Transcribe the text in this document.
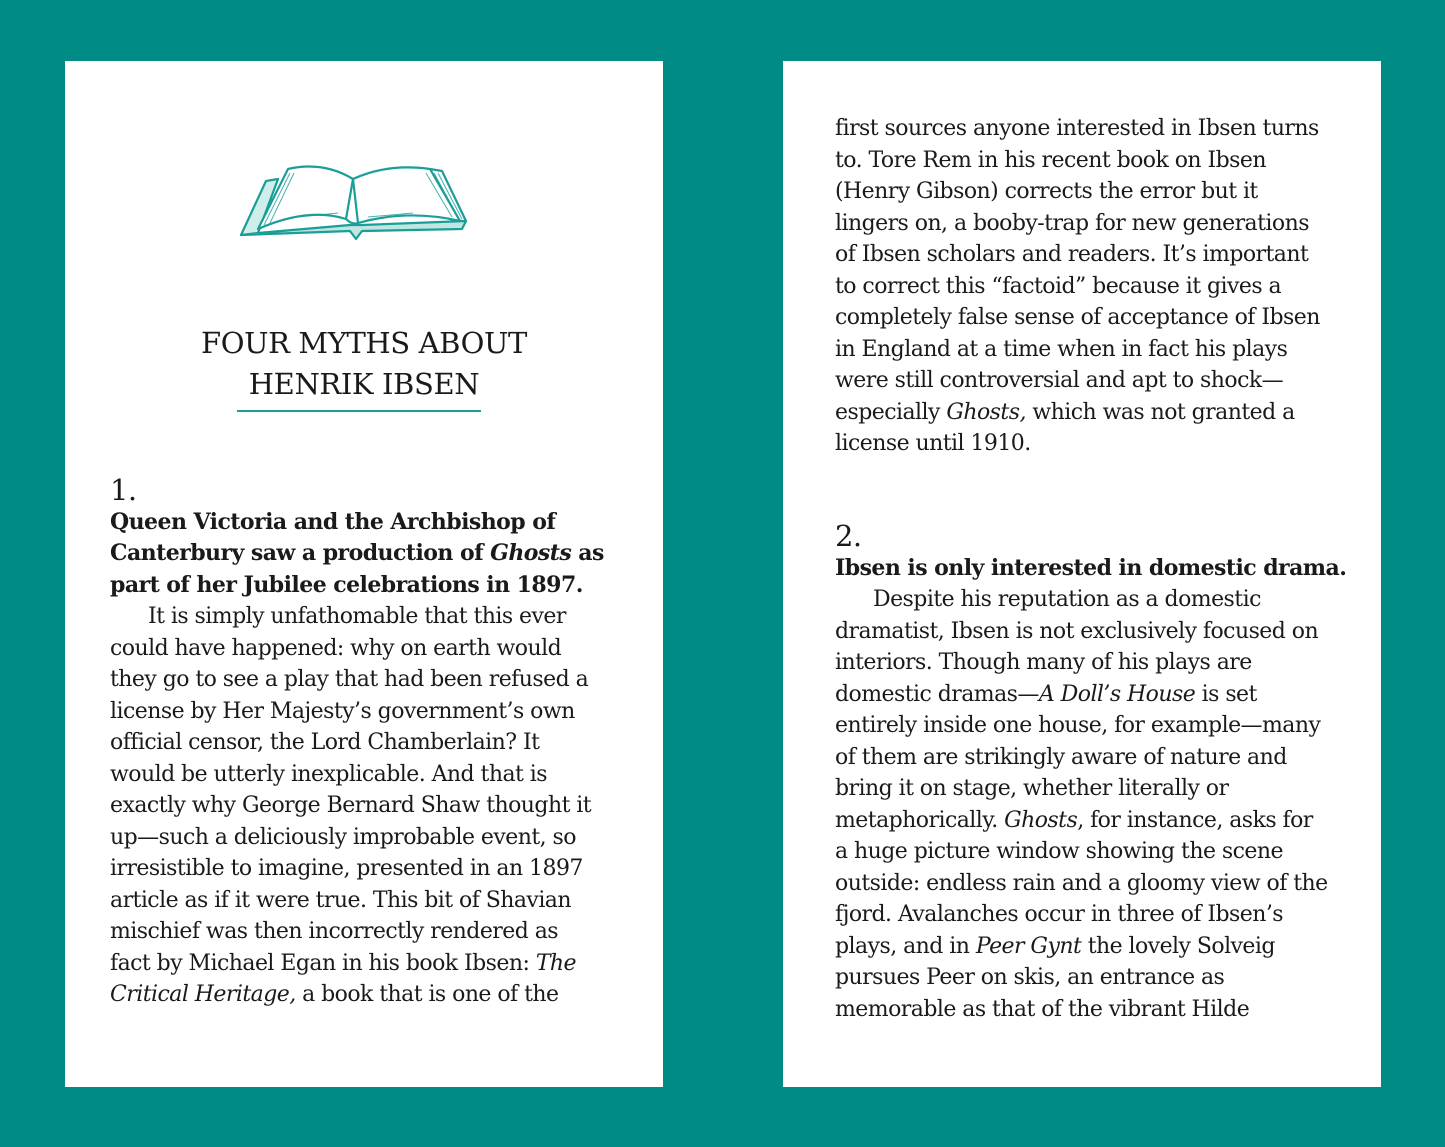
FOUR MYTHS ABOUT
HENRIK IBSEN
1.
Queen Victoria and the Archbishop of
Canterbury saw a production of Ghosts as
part of her Jubilee celebrations in 1897.
It is simply unfathomable that this ever
could have happened: why on earth would
they go to see a play that had been refused a
license by Her Majesty’s government’s own
official censor, the Lord Chamberlain? It
would be utterly inexplicable. And that is
exactly why George Bernard Shaw thought it
up—such a deliciously improbable event, so
irresistible to imagine, presented in an 1897
article as if it were true. This bit of Shavian
mischief was then incorrectly rendered as
fact by Michael Egan in his book Ibsen: The
Critical Heritage, a book that is one of the
first sources anyone interested in Ibsen turns
to. Tore Rem in his recent book on Ibsen
(Henry Gibson) corrects the error but it
lingers on, a booby-trap for new generations
of Ibsen scholars and readers. It’s important
to correct this “factoid” because it gives a
completely false sense of acceptance of Ibsen
in England at a time when in fact his plays
were still controversial and apt to shock—
especially Ghosts, which was not granted a
license until 1910.
2.
Ibsen is only interested in domestic drama.
Despite his reputation as a domestic
dramatist, Ibsen is not exclusively focused on
interiors. Though many of his plays are
domestic dramas—A Doll’s House is set
entirely inside one house, for example—many
of them are strikingly aware of nature and
bring it on stage, whether literally or
metaphorically. Ghosts, for instance, asks for
a huge picture window showing the scene
outside: endless rain and a gloomy view of the
fjord. Avalanches occur in three of Ibsen’s
plays, and in Peer Gynt the lovely Solveig
pursues Peer on skis, an entrance as
memorable as that of the vibrant Hilde
